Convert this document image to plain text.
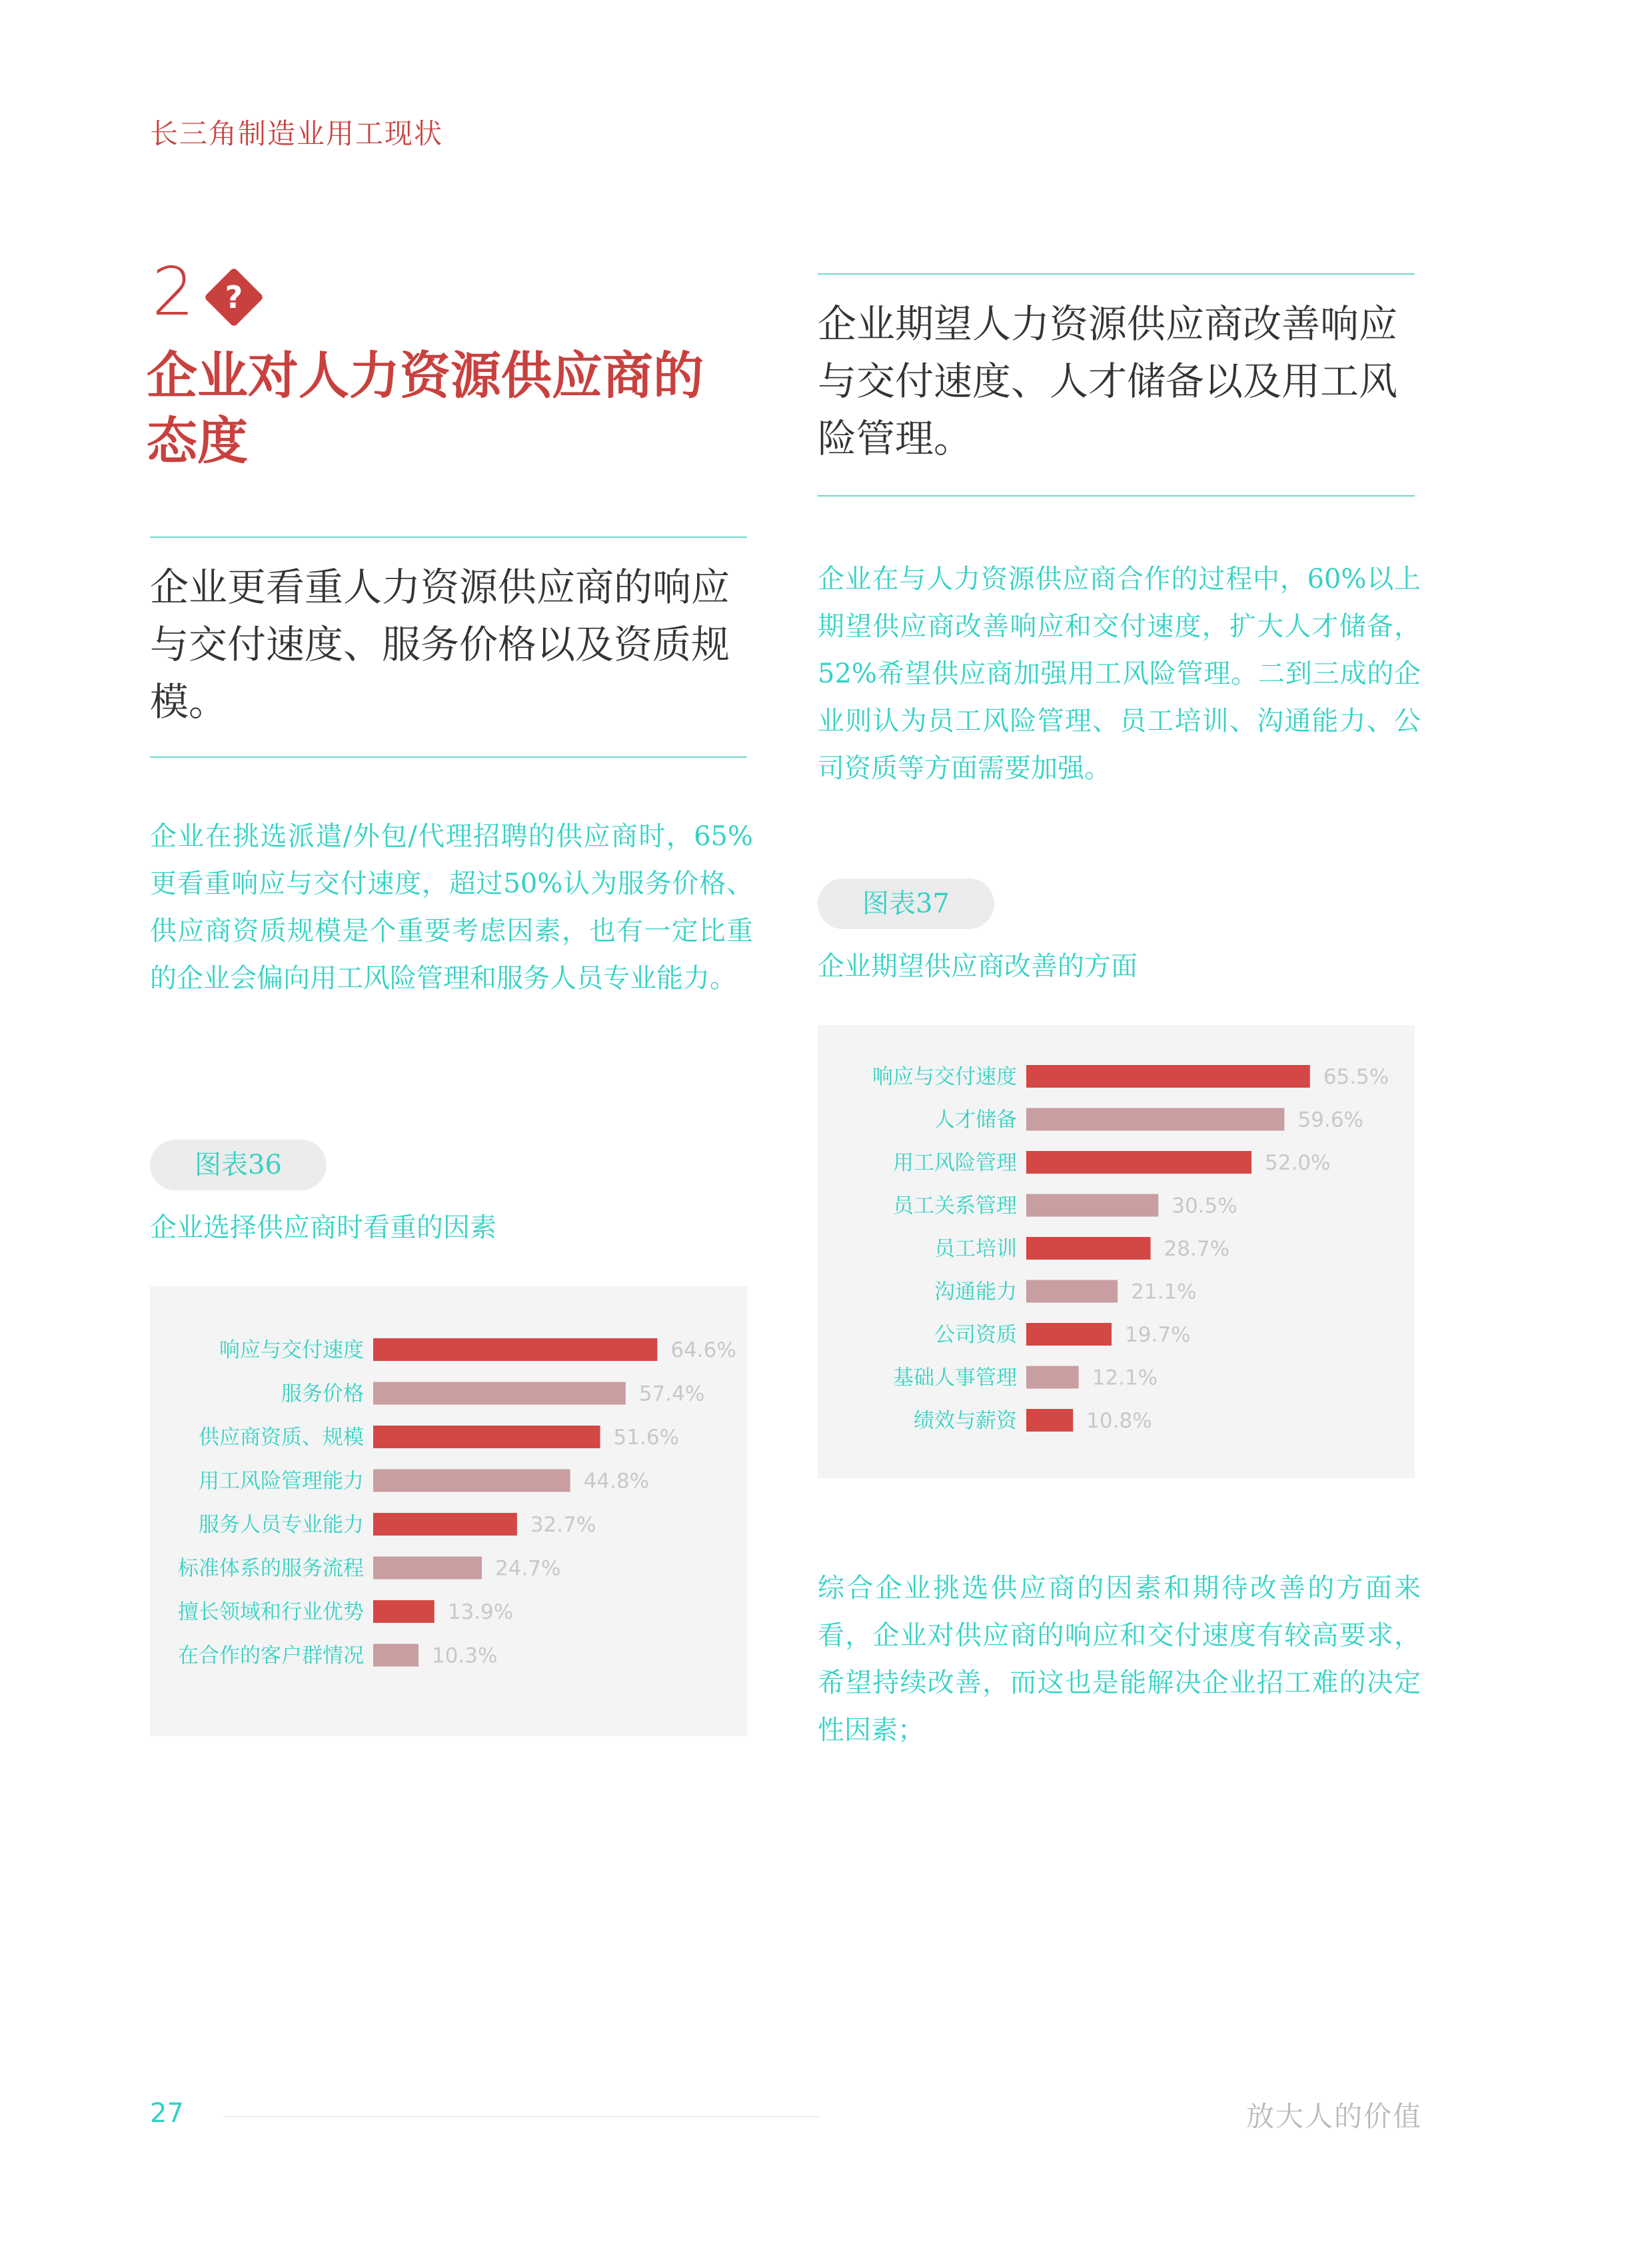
长三角制造业用工现状
2 ?
企业对人力资源供应商的
态度
企业更看重人力资源供应商的响应与交付速度、服务价格以及资质规模。
企业在挑选派遣/外包/代理招聘的供应商时，65%更看重响应与交付速度，超过50%认为服务价格、供应商资质规模是个重要考虑因素，也有一定比重的企业会偏向用工风险管理和服务人员专业能力。
图表36
企业选择供应商时看重的因素
响应与交付速度	64.6%
服务价格	57.4%
供应商资质、规模	51.6%
用工风险管理能力	44.8%
服务人员专业能力	32.7%
标准体系的服务流程	24.7%
擅长领域和行业优势	13.9%
在合作的客户群情况	10.3%
企业期望人力资源供应商改善响应与交付速度、人才储备以及用工风险管理。
企业在与人力资源供应商合作的过程中，60%以上期望供应商改善响应和交付速度，扩大人才储备，52%希望供应商加强用工风险管理。二到三成的企业则认为员工风险管理、员工培训、沟通能力、公司资质等方面需要加强。
图表37
企业期望供应商改善的方面
响应与交付速度	65.5%
人才储备	59.6%
用工风险管理	52.0%
员工关系管理	30.5%
员工培训	28.7%
沟通能力	21.1%
公司资质	19.7%
基础人事管理	12.1%
绩效与薪资	10.8%
综合企业挑选供应商的因素和期待改善的方面来看，企业对供应商的响应和交付速度有较高要求，希望持续改善，而这也是能解决企业招工难的决定性因素；
27	放大人的价值
